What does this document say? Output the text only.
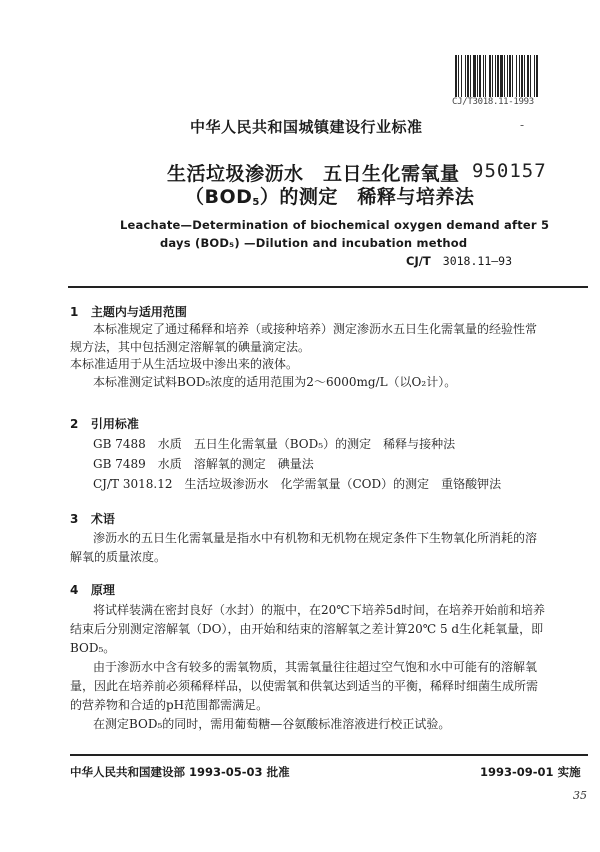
CJ/T3018.11-1993
中华人民共和国城镇建设行业标准	-
生活垃圾渗沥水　五日生化需氧量
$(BOD_5)$的测定　稀释与培养法
950157
Leachate—Determination of biochemical oxygen demand after 5
days (BOD₅) —Dilution and incubation method
CJ/T 3018.11—93
1 主题内与适用范围
本标准规定了通过稀释和培养（或接种培养）测定渗沥水五日生化需氧量的经验性常
规方法，其中包括测定溶解氧的碘量滴定法。
本标准适用于从生活垃圾中渗出来的液体。
本标准测定试料BOD₅浓度的适用范围为2～6000mg/L（以O₂计）。
2 引用标准
GB 7488　水质　五日生化需氧量（BOD₅）的测定　稀释与接种法
GB 7489　水质　溶解氧的测定　碘量法
CJ/T 3018.12　生活垃圾渗沥水　化学需氧量（COD）的测定　重铬酸钾法
3 术语
渗沥水的五日生化需氧量是指水中有机物和无机物在规定条件下生物氧化所消耗的溶
解氧的质量浓度。
4 原理
将试样装满在密封良好（水封）的瓶中，在20℃下培养5d时间，在培养开始前和培养
结束后分别测定溶解氧（DO），由开始和结束的溶解氧之差计算20℃ 5 d生化耗氧量，即
BOD₅。
由于渗沥水中含有较多的需氧物质，其需氧量往往超过空气饱和水中可能有的溶解氧
量，因此在培养前必须稀释样品，以使需氧和供氧达到适当的平衡，稀释时细菌生成所需
的营养物和合适的pH范围都需满足。
在测定BOD₅的同时，需用葡萄糖—谷氨酸标准溶液进行校正试验。
中华人民共和国建设部 1993-05-03 批准	1993-09-01 实施
35
